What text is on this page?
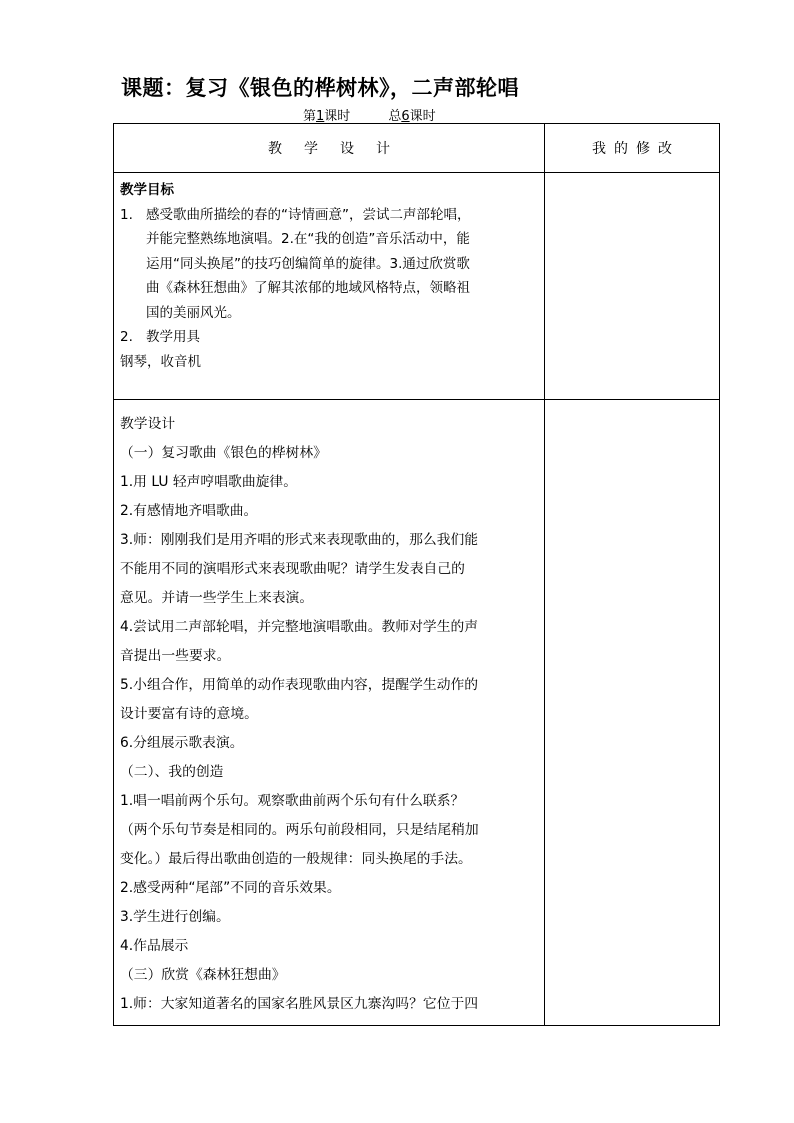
课题：复习《银色的桦树林》，二声部轮唱
第1课时	总6课时
教学设计	我的修改
教学目标
1. 感受歌曲所描绘的春的“诗情画意”，尝试二声部轮唱，
并能完整熟练地演唱。2.在“我的创造”音乐活动中，能
运用“同头换尾”的技巧创编简单的旋律。3.通过欣赏歌
曲《森林狂想曲》了解其浓郁的地域风格特点，领略祖
国的美丽风光。
2. 教学用具
钢琴，收音机

教学设计

（一）复习歌曲《银色的桦树林》

1.用 LU 轻声哼唱歌曲旋律。

2.有感情地齐唱歌曲。

3.师：刚刚我们是用齐唱的形式来表现歌曲的，那么我们能

不能用不同的演唱形式来表现歌曲呢？请学生发表自己的

意见。并请一些学生上来表演。

4.尝试用二声部轮唱，并完整地演唱歌曲。教师对学生的声

音提出一些要求。

5.小组合作，用简单的动作表现歌曲内容，提醒学生动作的

设计要富有诗的意境。

6.分组展示歌表演。

（二）、我的创造

1.唱一唱前两个乐句。观察歌曲前两个乐句有什么联系？

（两个乐句节奏是相同的。两乐句前段相同，只是结尾稍加

变化。）最后得出歌曲创造的一般规律：同头换尾的手法。

2.感受两种“尾部”不同的音乐效果。

3.学生进行创编。

4.作品展示

（三）欣赏《森林狂想曲》

1.师：大家知道著名的国家名胜风景区九寨沟吗？它位于四
